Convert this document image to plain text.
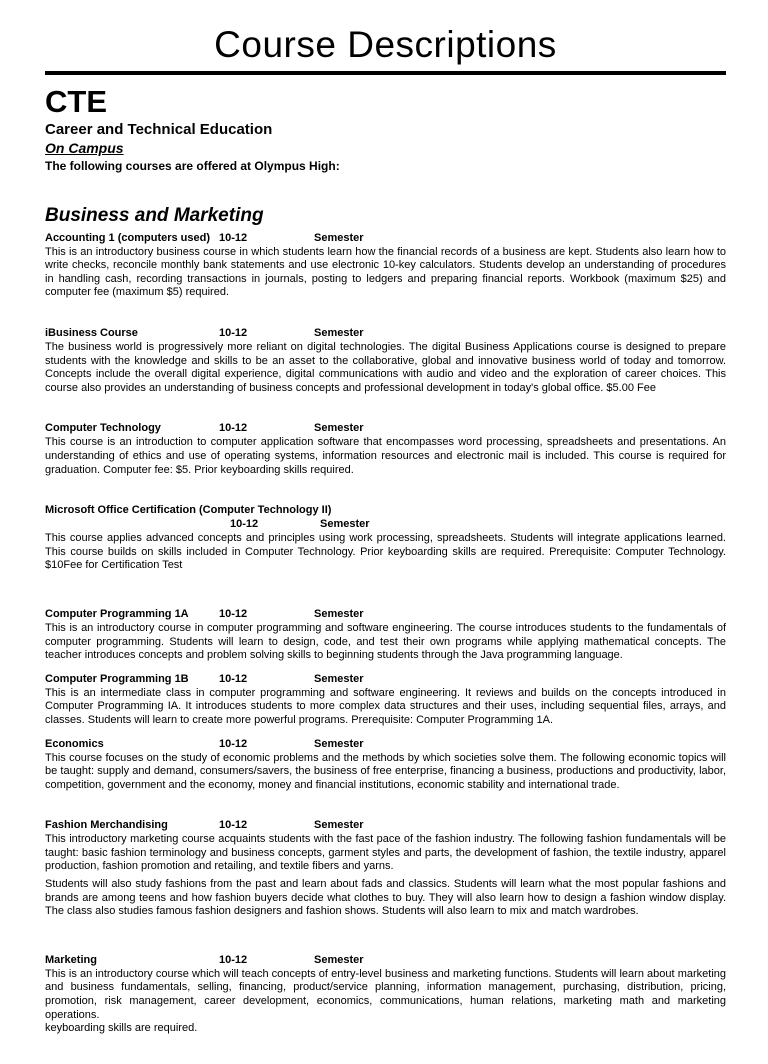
Course Descriptions
CTE
Career and Technical Education
On Campus
The following courses are offered at Olympus High:
Business and Marketing
Accounting 1 (computers used) 10-12	Semester

This is an introductory business course in which students learn how the financial records of a business are kept. Students also learn how to write checks, reconcile monthly bank statements and use electronic 10-key calculators. Students develop an understanding of procedures in handling cash, recording transactions in journals, posting to ledgers and preparing financial reports. Workbook (maximum $25) and computer fee (maximum $5) required.

iBusiness Course	10-12	Semester

The business world is progressively more reliant on digital technologies. The digital Business Applications course is designed to prepare students with the knowledge and skills to be an asset to the collaborative, global and innovative business world of today and tomorrow. Concepts include the overall digital experience, digital communications with audio and video and the exploration of career choices. This course also provides an understanding of business concepts and professional development in today's global office. $5.00 Fee

Computer Technology	10-12	Semester

This course is an introduction to computer application software that encompasses word processing, spreadsheets and presentations. An understanding of ethics and use of operating systems, information resources and electronic mail is included. This course is required for graduation. Computer fee: $5. Prior keyboarding skills required.

Microsoft Office Certification (Computer Technology II)
10-12	Semester

This course applies advanced concepts and principles using work processing, spreadsheets. Students will integrate applications learned. This course builds on skills included in Computer Technology. Prior keyboarding skills are required. Prerequisite: Computer Technology. $10Fee for Certification Test

Computer Programming 1A	10-12	Semester

This is an introductory course in computer programming and software engineering. The course introduces students to the fundamentals of computer programming. Students will learn to design, code, and test their own programs while applying mathematical concepts. The teacher introduces concepts and problem solving skills to beginning students through the Java programming language.

Computer Programming 1B	10-12	Semester

This is an intermediate class in computer programming and software engineering. It reviews and builds on the concepts introduced in Computer Programming IA. It introduces students to more complex data structures and their uses, including sequential files, arrays, and classes. Students will learn to create more powerful programs. Prerequisite: Computer Programming 1A.

Economics	10-12	Semester

This course focuses on the study of economic problems and the methods by which societies solve them. The following economic topics will be taught: supply and demand, consumers/savers, the business of free enterprise, financing a business, productions and productivity, labor, competition, government and the economy, money and financial institutions, economic stability and international trade.

Fashion Merchandising	10-12	Semester

This introductory marketing course acquaints students with the fast pace of the fashion industry. The following fashion fundamentals will be taught: basic fashion terminology and business concepts, garment styles and parts, the development of fashion, the textile industry, apparel production, fashion promotion and retailing, and textile fibers and yarns.

Students will also study fashions from the past and learn about fads and classics. Students will learn what the most popular fashions and brands are among teens and how fashion buyers decide what clothes to buy. They will also learn how to design a fashion window display. The class also studies famous fashion designers and fashion shows. Students will also learn to mix and match wardrobes.

Marketing	10-12	Semester

This is an introductory course which will teach concepts of entry-level business and marketing functions. Students will learn about marketing and business fundamentals, selling, financing, product/service planning, information management, purchasing, distribution, pricing, promotion, risk management, career development, economics, communications, human relations, marketing math and marketing operations.

keyboarding skills are required.
